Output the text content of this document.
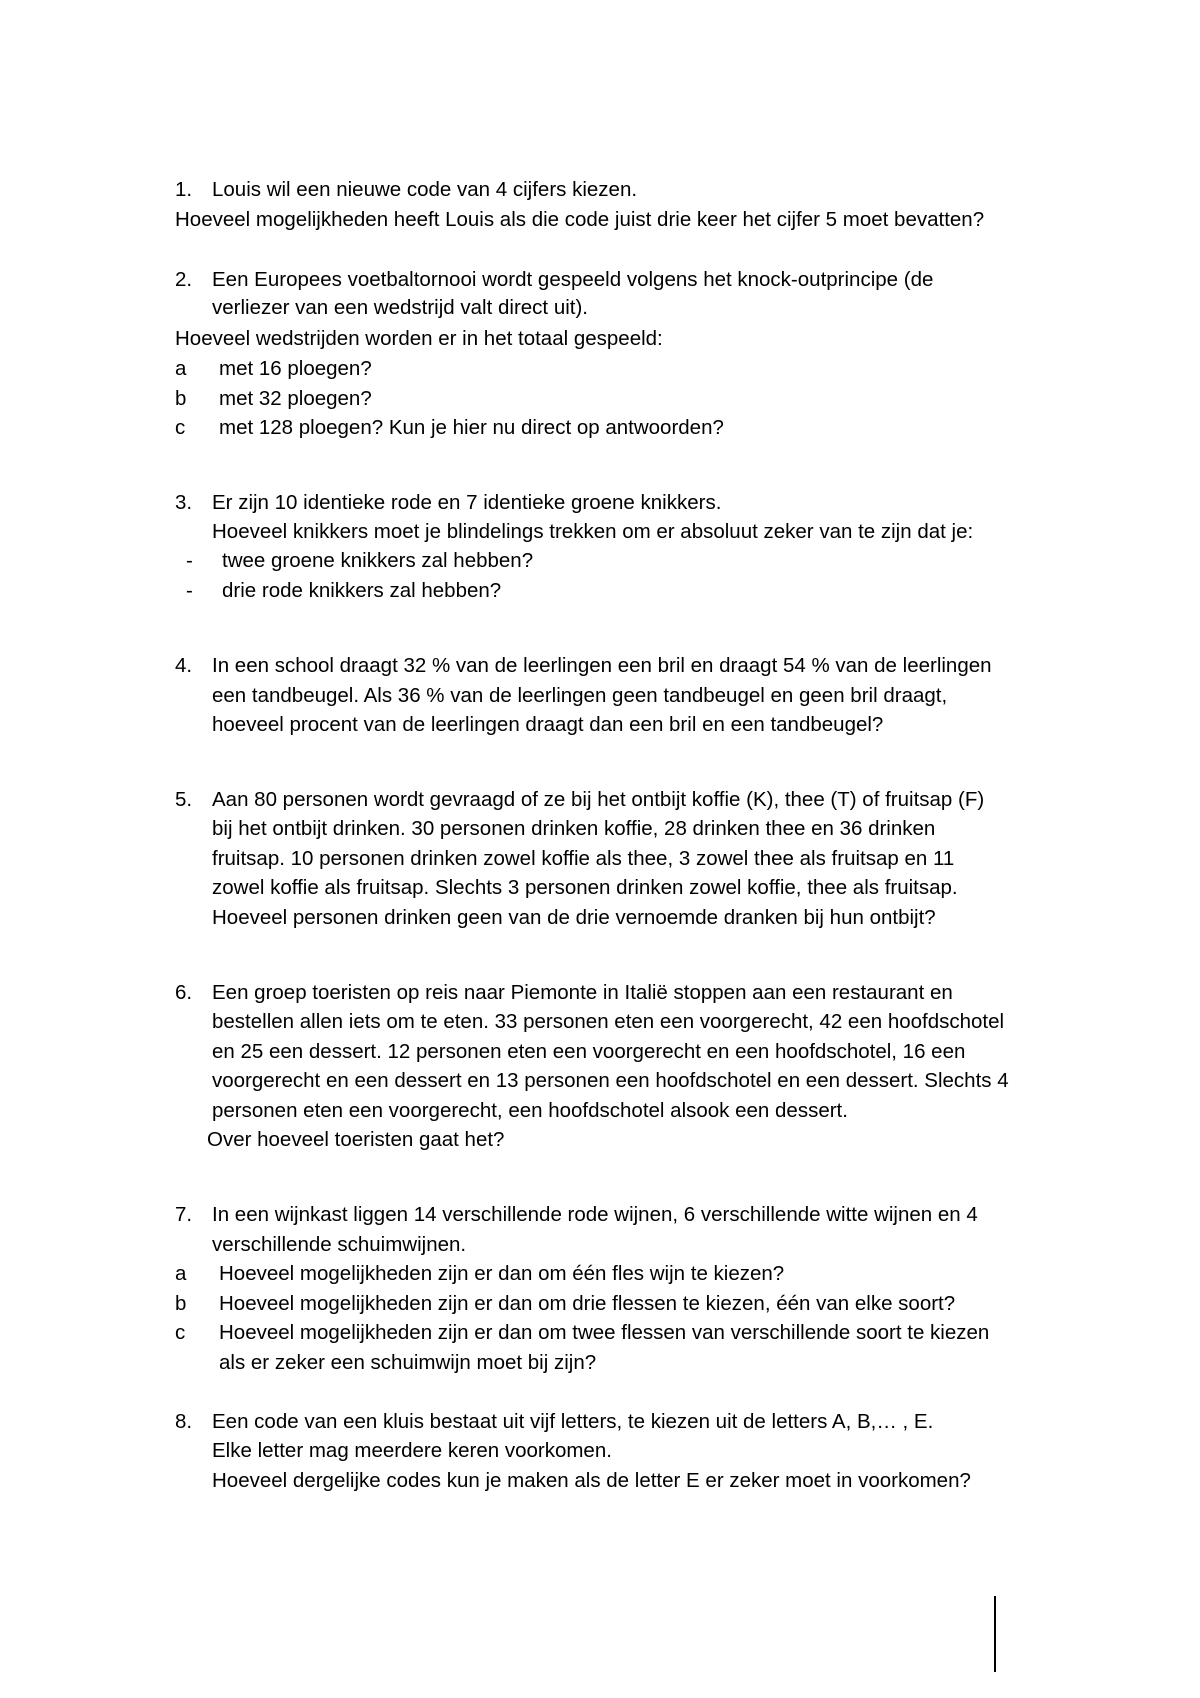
1. Louis wil een nieuwe code van 4 cijfers kiezen.
Hoeveel mogelijkheden heeft Louis als die code juist drie keer het cijfer 5 moet bevatten?
2. Een Europees voetbaltornooi wordt gespeeld volgens het knock-outprincipe (de
verliezer van een wedstrijd valt direct uit).
Hoeveel wedstrijden worden er in het totaal gespeeld:
a met 16 ploegen?
b met 32 ploegen?
c met 128 ploegen? Kun je hier nu direct op antwoorden?
3. Er zijn 10 identieke rode en 7 identieke groene knikkers.
Hoeveel knikkers moet je blindelings trekken om er absoluut zeker van te zijn dat je:
- twee groene knikkers zal hebben?
- drie rode knikkers zal hebben?
4. In een school draagt 32 % van de leerlingen een bril en draagt 54 % van de leerlingen
een tandbeugel. Als 36 % van de leerlingen geen tandbeugel en geen bril draagt,
hoeveel procent van de leerlingen draagt dan een bril en een tandbeugel?
5. Aan 80 personen wordt gevraagd of ze bij het ontbijt koffie (K), thee (T) of fruitsap (F)
bij het ontbijt drinken. 30 personen drinken koffie, 28 drinken thee en 36 drinken
fruitsap. 10 personen drinken zowel koffie als thee, 3 zowel thee als fruitsap en 11
zowel koffie als fruitsap. Slechts 3 personen drinken zowel koffie, thee als fruitsap.
Hoeveel personen drinken geen van de drie vernoemde dranken bij hun ontbijt?
6. Een groep toeristen op reis naar Piemonte in Italië stoppen aan een restaurant en
bestellen allen iets om te eten. 33 personen eten een voorgerecht, 42 een hoofdschotel
en 25 een dessert. 12 personen eten een voorgerecht en een hoofdschotel, 16 een
voorgerecht en een dessert en 13 personen een hoofdschotel en een dessert. Slechts 4
personen eten een voorgerecht, een hoofdschotel alsook een dessert.
Over hoeveel toeristen gaat het?
7. In een wijnkast liggen 14 verschillende rode wijnen, 6 verschillende witte wijnen en 4
verschillende schuimwijnen.
a Hoeveel mogelijkheden zijn er dan om één fles wijn te kiezen?
b Hoeveel mogelijkheden zijn er dan om drie flessen te kiezen, één van elke soort?
c Hoeveel mogelijkheden zijn er dan om twee flessen van verschillende soort te kiezen
als er zeker een schuimwijn moet bij zijn?
8. Een code van een kluis bestaat uit vijf letters, te kiezen uit de letters A, B,… , E.
Elke letter mag meerdere keren voorkomen.
Hoeveel dergelijke codes kun je maken als de letter E er zeker moet in voorkomen?
